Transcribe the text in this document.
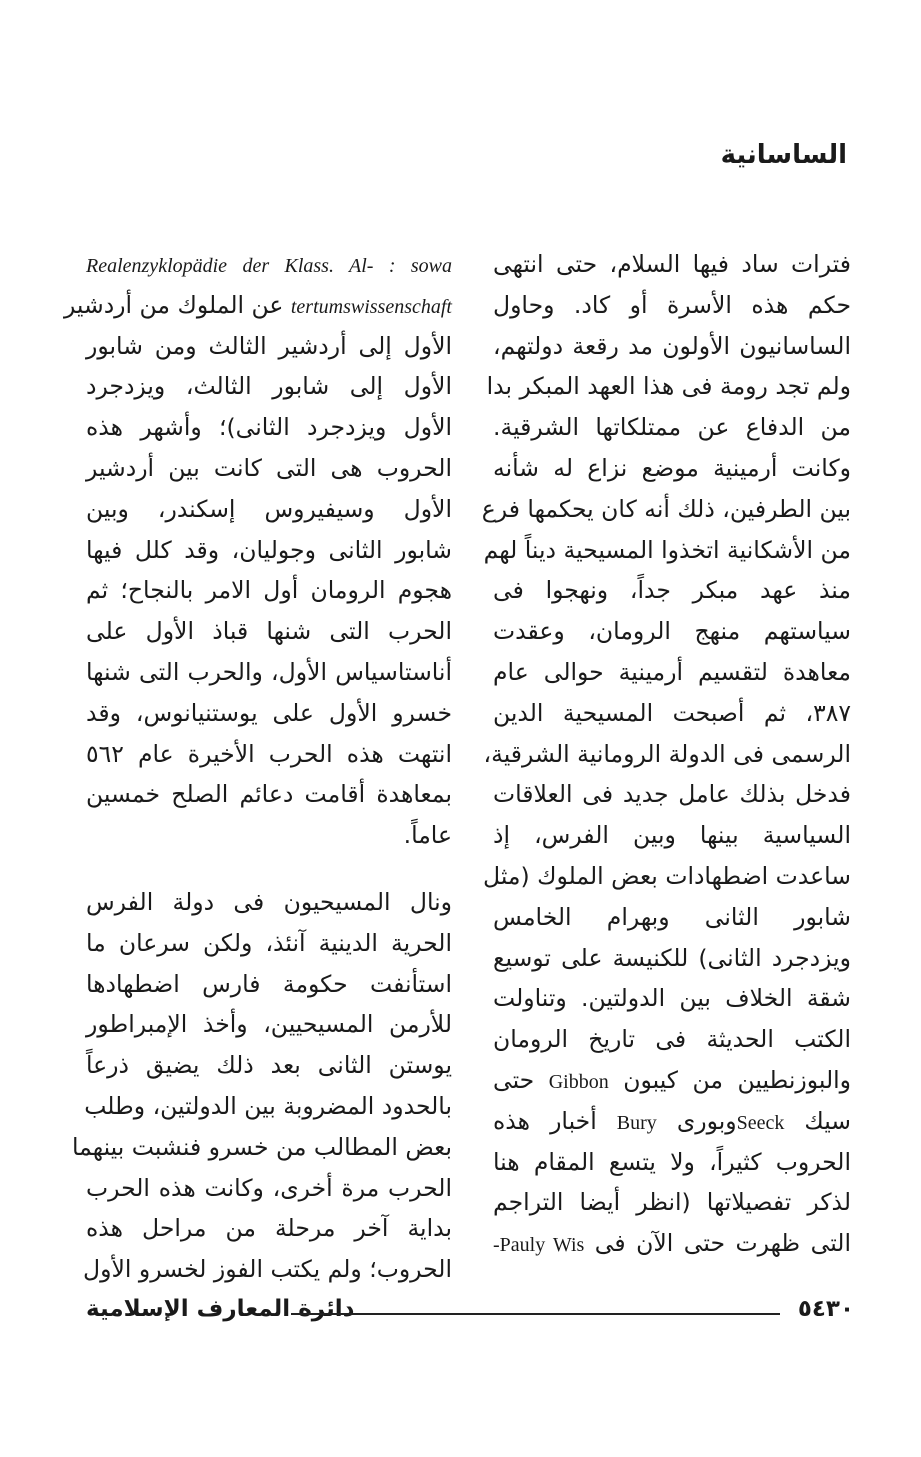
الساسانية
فترات ساد فيها السلام، حتى انتهى
حكم هذه الأسرة أو كاد. وحاول
الساسانيون الأولون مد رقعة دولتهم،
ولم تجد رومة فى هذا العهد المبكر بدا
من الدفاع عن ممتلكاتها الشرقية.
وكانت أرمينية موضع نزاع له شأنه
بين الطرفين، ذلك أنه كان يحكمها فرع
من الأشكانية اتخذوا المسيحية ديناً لهم
منذ عهد مبكر جداً، ونهجوا فى
سياستهم منهج الرومان، وعقدت
معاهدة لتقسيم أرمينية حوالى عام
٣٨٧، ثم أصبحت المسيحية الدين
الرسمى فى الدولة الرومانية الشرقية،
فدخل بذلك عامل جديد فى العلاقات
السياسية بينها وبين الفرس، إذ
ساعدت اضطهادات بعض الملوك (مثل
شابور الثانى وبهرام الخامس
ويزدجرد الثانى) للكنيسة على توسيع
شقة الخلاف بين الدولتين. وتناولت
الكتب الحديثة فى تاريخ الرومان
والبوزنطيين من كيبون Gibbon حتى
سيك Seeckوبورى Bury أخبار هذه
الحروب كثيراً، ولا يتسع المقام هنا
لذكر تفصيلاتها (انظر أيضا التراجم
التى ظهرت حتى الآن فى Pauly Wis-
Realenzyklopädie der Klass. Al- : sowa
tertumswissenschaft عن الملوك من أردشير
الأول إلى أردشير الثالث ومن شابور
الأول إلى شابور الثالث، ويزدجرد
الأول ويزدجرد الثانى)؛ وأشهر هذه
الحروب هى التى كانت بين أردشير
الأول وسيفيروس إسكندر، وبين
شابور الثانى وجوليان، وقد كلل فيها
هجوم الرومان أول الامر بالنجاح؛ ثم
الحرب التى شنها قباذ الأول على
أناستاسياس الأول، والحرب التى شنها
خسرو الأول على يوستنيانوس، وقد
انتهت هذه الحرب الأخيرة عام ٥٦٢
بمعاهدة أقامت دعائم الصلح خمسين
عاماً.
ونال المسيحيون فى دولة الفرس
الحرية الدينية آنئذ، ولكن سرعان ما
استأنفت حكومة فارس اضطهادها
للأرمن المسيحيين، وأخذ الإمبراطور
يوستن الثانى بعد ذلك يضيق ذرعاً
بالحدود المضروبة بين الدولتين، وطلب
بعض المطالب من خسرو فنشبت بينهما
الحرب مرة أخرى، وكانت هذه الحرب
بداية آخر مرحلة من مراحل هذه
الحروب؛ ولم يكتب الفوز لخسرو الأول
دائرة المعارف الإسلامية	٥٤٣٠
